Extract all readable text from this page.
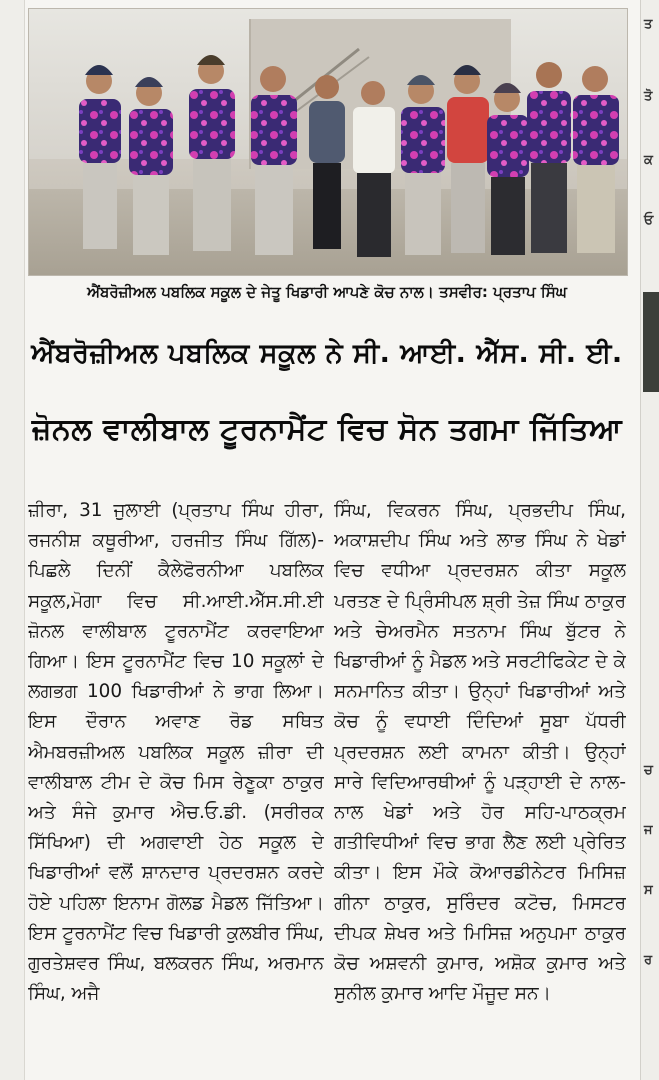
ਤ
ਤੋ
ਕ
ਓ
ਚ
ਜ
ਸ
ਰ
ਐਂਬਰੋਜ਼ੀਅਲ ਪਬਲਿਕ ਸਕੂਲ ਦੇ ਜੇਤੂ ਖਿਡਾਰੀ ਆਪਣੇ ਕੋਚ ਨਾਲ। ਤਸਵੀਰ: ਪ੍ਰਤਾਪ ਸਿੰਘ
ਐਂਬਰੋਜ਼ੀਅਲ ਪਬਲਿਕ ਸਕੂਲ ਨੇ ਸੀ. ਆਈ. ਐੱਸ. ਸੀ. ਈ.
ਜ਼ੋਨਲ ਵਾਲੀਬਾਲ ਟੂਰਨਾਮੈਂਟ ਵਿਚ ਸੋਨ ਤਗਮਾ ਜਿੱਤਿਆ

ਜ਼ੀਰਾ, 31 ਜੁਲਾਈ (ਪ੍ਰਤਾਪ ਸਿੰਘ ਹੀਰਾ, ਰਜਨੀਸ਼ ਕਥੂਰੀਆ, ਹਰਜੀਤ ਸਿੰਘ ਗਿੱਲ)- ਪਿਛਲੇ ਦਿਨੀਂ ਕੈਲੇਫੋਰਨੀਆ ਪਬਲਿਕ ਸਕੂਲ,ਮੋਗਾ ਵਿਚ ਸੀ.ਆਈ.ਐੱਸ.ਸੀ.ਈ ਜ਼ੋਨਲ ਵਾਲੀਬਾਲ ਟੂਰਨਾਮੈਂਟ ਕਰਵਾਇਆ ਗਿਆ। ਇਸ ਟੂਰਨਾਮੈਂਟ ਵਿਚ 10 ਸਕੂਲਾਂ ਦੇ ਲਗਭਗ 100 ਖਿਡਾਰੀਆਂ ਨੇ ਭਾਗ ਲਿਆ। ਇਸ ਦੌਰਾਨ ਅਵਾਣ ਰੋਡ ਸਥਿਤ ਐਮਬਰਜ਼ੀਅਲ ਪਬਲਿਕ ਸਕੂਲ ਜ਼ੀਰਾ ਦੀ ਵਾਲੀਬਾਲ ਟੀਮ ਦੇ ਕੋਚ ਮਿਸ ਰੇਣੂਕਾ ਠਾਕੁਰ ਅਤੇ ਸੰਜੇ ਕੁਮਾਰ ਐਚ.ਓ.ਡੀ. (ਸਰੀਰਕ ਸਿੱਖਿਆ) ਦੀ ਅਗਵਾਈ ਹੇਠ ਸਕੂਲ ਦੇ ਖਿਡਾਰੀਆਂ ਵਲੋਂ ਸ਼ਾਨਦਾਰ ਪ੍ਰਦਰਸ਼ਨ ਕਰਦੇ ਹੋਏ ਪਹਿਲਾ ਇਨਾਮ ਗੋਲਡ ਮੈਡਲ ਜਿੱਤਿਆ। ਇਸ ਟੂਰਨਾਮੈਂਟ ਵਿਚ ਖਿਡਾਰੀ ਕੁਲਬੀਰ ਸਿੰਘ, ਗੁਰਤੇਸ਼ਵਰ ਸਿੰਘ, ਬਲਕਰਨ ਸਿੰਘ, ਅਰਮਾਨ ਸਿੰਘ, ਅਜੈ

ਸਿੰਘ, ਵਿਕਰਨ ਸਿੰਘ, ਪ੍ਰਭਦੀਪ ਸਿੰਘ, ਅਕਾਸ਼ਦੀਪ ਸਿੰਘ ਅਤੇ ਲਾਭ ਸਿੰਘ ਨੇ ਖੇਡਾਂ ਵਿਚ ਵਧੀਆ ਪ੍ਰਦਰਸ਼ਨ ਕੀਤਾ ਸਕੂਲ ਪਰਤਣ ਦੇ ਪ੍ਰਿੰਸੀਪਲ ਸ਼੍ਰੀ ਤੇਜ਼ ਸਿੰਘ ਠਾਕੁਰ ਅਤੇ ਚੇਅਰਮੈਨ ਸਤਨਾਮ ਸਿੰਘ ਬੁੱਟਰ ਨੇ ਖਿਡਾਰੀਆਂ ਨੂੰ ਮੈਡਲ ਅਤੇ ਸਰਟੀਫਿਕੇਟ ਦੇ ਕੇ ਸਨਮਾਨਿਤ ਕੀਤਾ। ਉਨ੍ਹਾਂ ਖਿਡਾਰੀਆਂ ਅਤੇ ਕੋਚ ਨੂੰ ਵਧਾਈ ਦਿੰਦਿਆਂ ਸੂਬਾ ਪੱਧਰੀ ਪ੍ਰਦਰਸ਼ਨ ਲਈ ਕਾਮਨਾ ਕੀਤੀ। ਉਨ੍ਹਾਂ ਸਾਰੇ ਵਿਦਿਆਰਥੀਆਂ ਨੂੰ ਪੜ੍ਹਾਈ ਦੇ ਨਾਲ-ਨਾਲ ਖੇਡਾਂ ਅਤੇ ਹੋਰ ਸਹਿ-ਪਾਠਕ੍ਰਮ ਗਤੀਵਿਧੀਆਂ ਵਿਚ ਭਾਗ ਲੈਣ ਲਈ ਪ੍ਰੇਰਿਤ ਕੀਤਾ। ਇਸ ਮੌਕੇ ਕੋਆਰਡੀਨੇਟਰ ਮਿਸਿਜ਼ ਗੀਨਾ ਠਾਕੁਰ, ਸੁਰਿੰਦਰ ਕਟੋਚ, ਮਿਸਟਰ ਦੀਪਕ ਸ਼ੇਖਰ ਅਤੇ ਮਿਸਿਜ਼ ਅਨੁਪਮਾ ਠਾਕੁਰ ਕੋਚ ਅਸ਼ਵਨੀ ਕੁਮਾਰ, ਅਸ਼ੋਕ ਕੁਮਾਰ ਅਤੇ ਸੁਨੀਲ ਕੁਮਾਰ ਆਦਿ ਮੌਜੂਦ ਸਨ।
